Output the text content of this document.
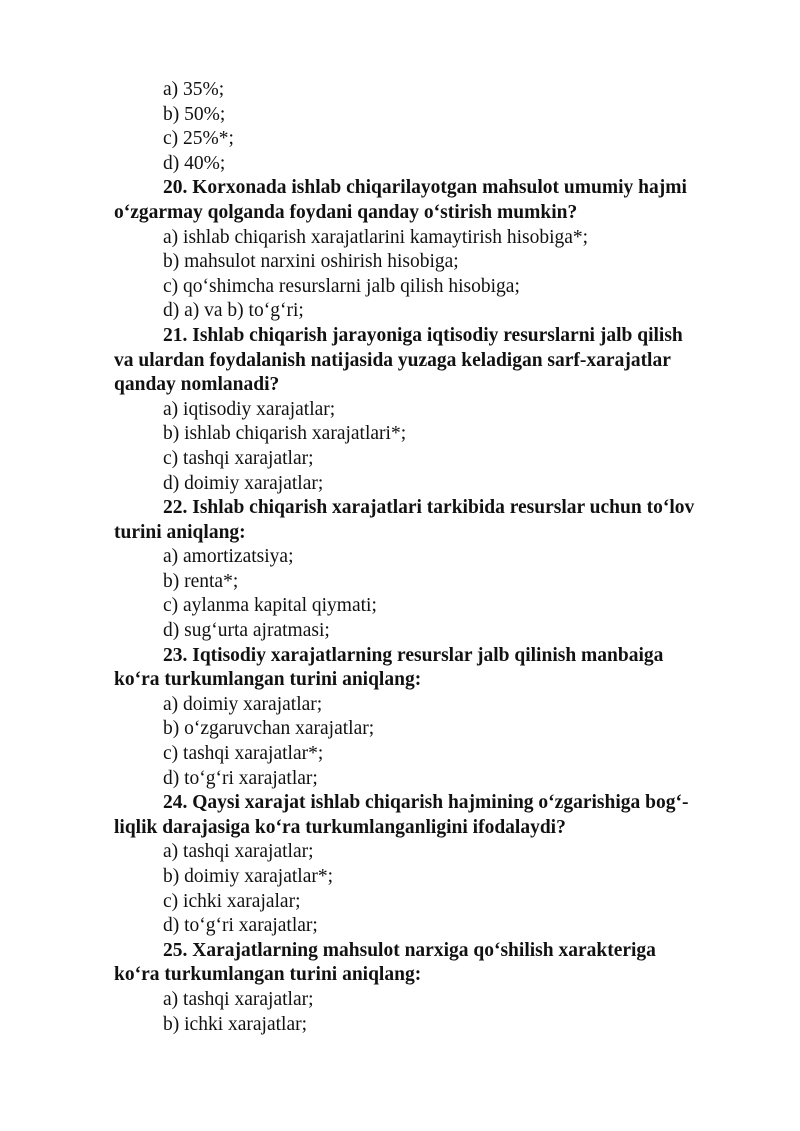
a) 35%;
b) 50%;
c) 25%*;
d) 40%;
20. Korxonada ishlab chiqarilayotgan mahsulot umumiy hajmi
o‘zgarmay qolganda foydani qanday o‘stirish mumkin?
a) ishlab chiqarish xarajatlarini kamaytirish hisobiga*;
b) mahsulot narxini oshirish hisobiga;
c) qo‘shimcha resurslarni jalb qilish hisobiga;
d) a) va b) to‘g‘ri;
21. Ishlab chiqarish jarayoniga iqtisodiy resurslarni jalb qilish
va ulardan foydalanish natijasida yuzaga keladigan sarf-xarajatlar
qanday nomlanadi?
a) iqtisodiy xarajatlar;
b) ishlab chiqarish xarajatlari*;
c) tashqi xarajatlar;
d) doimiy xarajatlar;
22. Ishlab chiqarish xarajatlari tarkibida resurslar uchun to‘lov
turini aniqlang:
a) amortizatsiya;
b) renta*;
c) aylanma kapital qiymati;
d) sug‘urta ajratmasi;
23. Iqtisodiy xarajatlarning resurslar jalb qilinish manbaiga
ko‘ra turkumlangan turini aniqlang:
a) doimiy xarajatlar;
b) o‘zgaruvchan xarajatlar;
c) tashqi xarajatlar*;
d) to‘g‘ri xarajatlar;
24. Qaysi xarajat ishlab chiqarish hajmining o‘zgarishiga bog‘-
liqlik darajasiga ko‘ra turkumlanganligini ifodalaydi?
a) tashqi xarajatlar;
b) doimiy xarajatlar*;
c) ichki xarajalar;
d) to‘g‘ri xarajatlar;
25. Xarajatlarning mahsulot narxiga qo‘shilish xarakteriga
ko‘ra turkumlangan turini aniqlang:
a) tashqi xarajatlar;
b) ichki xarajatlar;
